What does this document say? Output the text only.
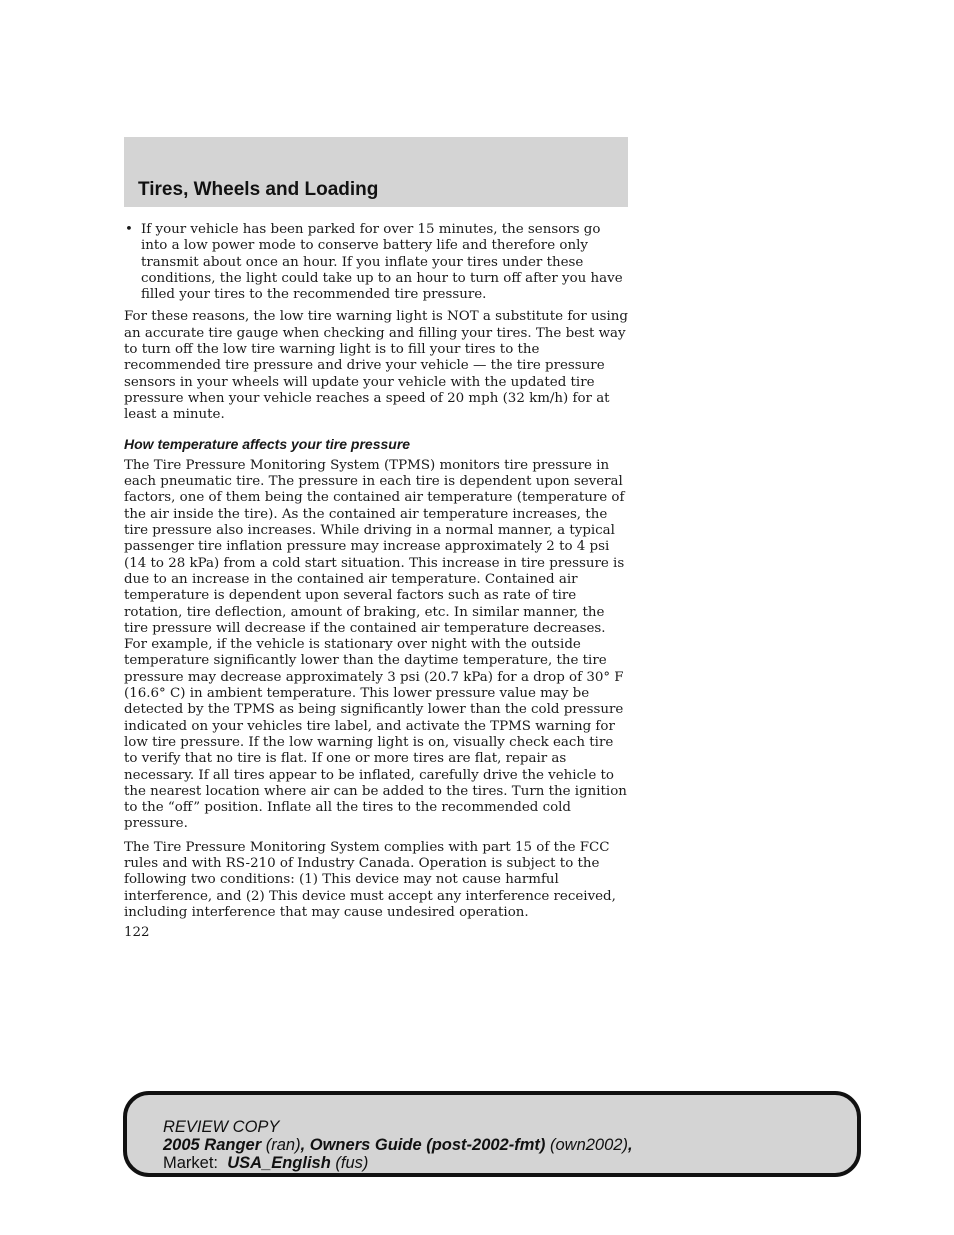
Tires, Wheels and Loading
• If your vehicle has been parked for over 15 minutes, the sensors go into a low power mode to conserve battery life and therefore only transmit about once an hour. If you inflate your tires under these conditions, the light could take up to an hour to turn off after you have filled your tires to the recommended tire pressure.

For these reasons, the low tire warning light is NOT a substitute for using an accurate tire gauge when checking and filling your tires. The best way to turn off the low tire warning light is to fill your tires to the recommended tire pressure and drive your vehicle — the tire pressure sensors in your wheels will update your vehicle with the updated tire pressure when your vehicle reaches a speed of 20 mph (32 km/h) for at least a minute.

How temperature affects your tire pressure

The Tire Pressure Monitoring System (TPMS) monitors tire pressure in each pneumatic tire. The pressure in each tire is dependent upon several factors, one of them being the contained air temperature (temperature of the air inside the tire). As the contained air temperature increases, the tire pressure also increases. While driving in a normal manner, a typical passenger tire inflation pressure may increase approximately 2 to 4 psi (14 to 28 kPa) from a cold start situation. This increase in tire pressure is due to an increase in the contained air temperature. Contained air temperature is dependent upon several factors such as rate of tire rotation, tire deflection, amount of braking, etc. In similar manner, the tire pressure will decrease if the contained air temperature decreases. For example, if the vehicle is stationary over night with the outside temperature significantly lower than the daytime temperature, the tire pressure may decrease approximately 3 psi (20.7 kPa) for a drop of 30° F (16.6° C) in ambient temperature. This lower pressure value may be detected by the TPMS as being significantly lower than the cold pressure indicated on your vehicles tire label, and activate the TPMS warning for low tire pressure. If the low warning light is on, visually check each tire to verify that no tire is flat. If one or more tires are flat, repair as necessary. If all tires appear to be inflated, carefully drive the vehicle to the nearest location where air can be added to the tires. Turn the ignition to the “off” position. Inflate all the tires to the recommended cold pressure.

The Tire Pressure Monitoring System complies with part 15 of the FCC rules and with RS-210 of Industry Canada. Operation is subject to the following two conditions: (1) This device may not cause harmful interference, and (2) This device must accept any interference received, including interference that may cause undesired operation.

122
REVIEW COPY
2005 Ranger (ran), Owners Guide (post-2002-fmt) (own2002),
Market: USA_English (fus)
